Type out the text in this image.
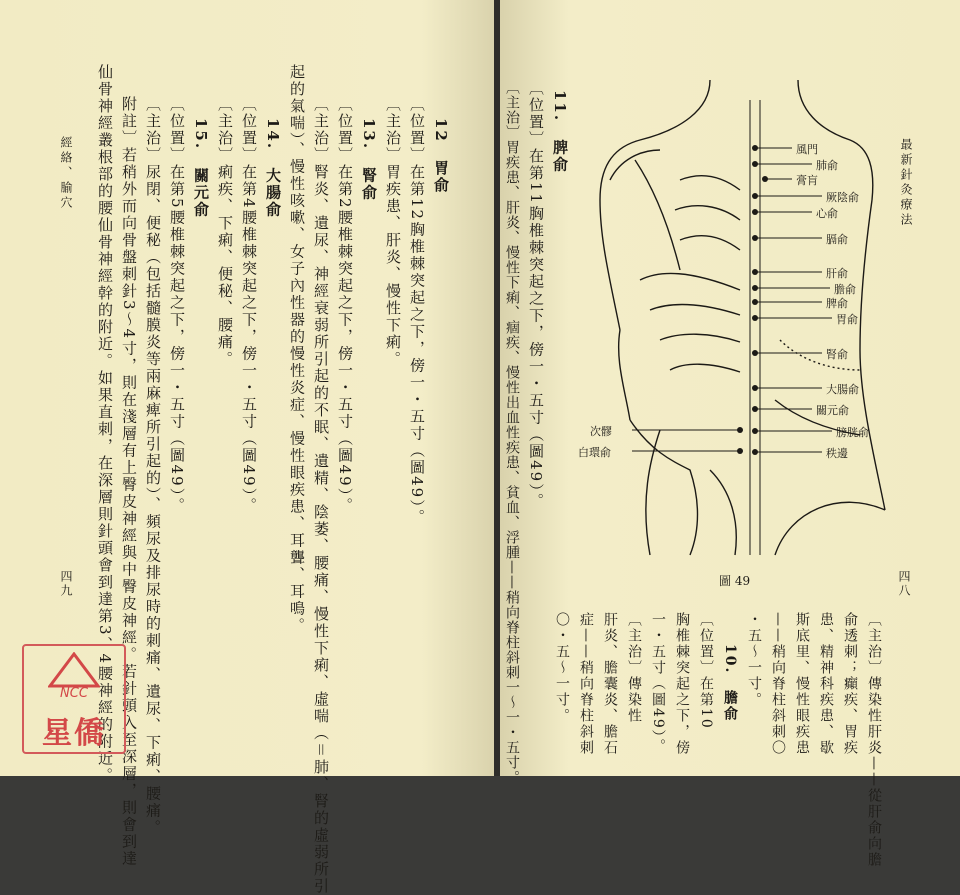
經絡、腧穴
四九 仙骨神經叢根部的腰仙骨神經幹的附近。如果直刺，在深層則針頭會到達第3、4腰神經的附近。 附註〕若稍外而向骨盤刺針3～4寸，則在淺層有上臀皮神經與中臀皮神經。若針頭入至深層，則會到達 〔主治〕尿閉、便秘（包括髓膜炎等兩麻痺所引起的）、頻尿及排尿時的刺痛、遺尿、下痢、腰痛。 〔位置〕在第5腰椎棘突起之下，傍一・五寸（圖49）。 15.　關元俞 〔主治〕痢疾、下痢、便秘、腰痛。 〔位置〕在第4腰椎棘突起之下，傍一・五寸（圖49）。 14.　大腸俞 起的氣喘）、慢性咳嗽、女子內性器的慢性炎症、慢性眼疾患、耳聾、耳鳴。 〔主治〕腎炎、遺尿、神經衰弱所引起的不眠、遺精、陰萎、腰痛、慢性下痢、虛喘（＝肺、腎的虛弱所引 〔位置〕在第2腰椎棘突起之下，傍一・五寸（圖49）。 13.　腎俞 〔主治〕胃疾患、肝炎、慢性下痢。 〔位置〕在第12胸椎棘突起之下，傍一・五寸（圖49）。 12　胃俞
NCC
星僑
最新針灸療法
四八
11.　脾俞
〔位置〕在第11胸椎棘突起之下，傍一・五寸（圖49）。
〔主治〕胃疾患、肝炎、慢性下痢、痼疾、慢性出血性疾患、貧血、浮腫——稍向脊柱斜刺一～一・五寸。	〔主治〕傳染性肝炎——從肝俞向膽
俞透刺；癲疾、胃疾
患、精神科疾患、歇
斯底里、慢性眼疾患
——稍向脊柱斜刺〇
・五～一寸。
10.　膽俞
〔位置〕在第10
胸椎棘突起之下，傍
一・五寸（圖49）。
〔主治〕傳染性
肝炎、膽囊炎、膽石
症——稍向脊柱斜刺
〇・五～一寸。
風門
肺俞
膏肓
厥陰俞
心俞
膈俞
肝俞
膽俞
脾俞
胃俞
腎俞
大腸俞
關元俞
膀胱俞
秩邊
次髎
白環俞
圖 49
